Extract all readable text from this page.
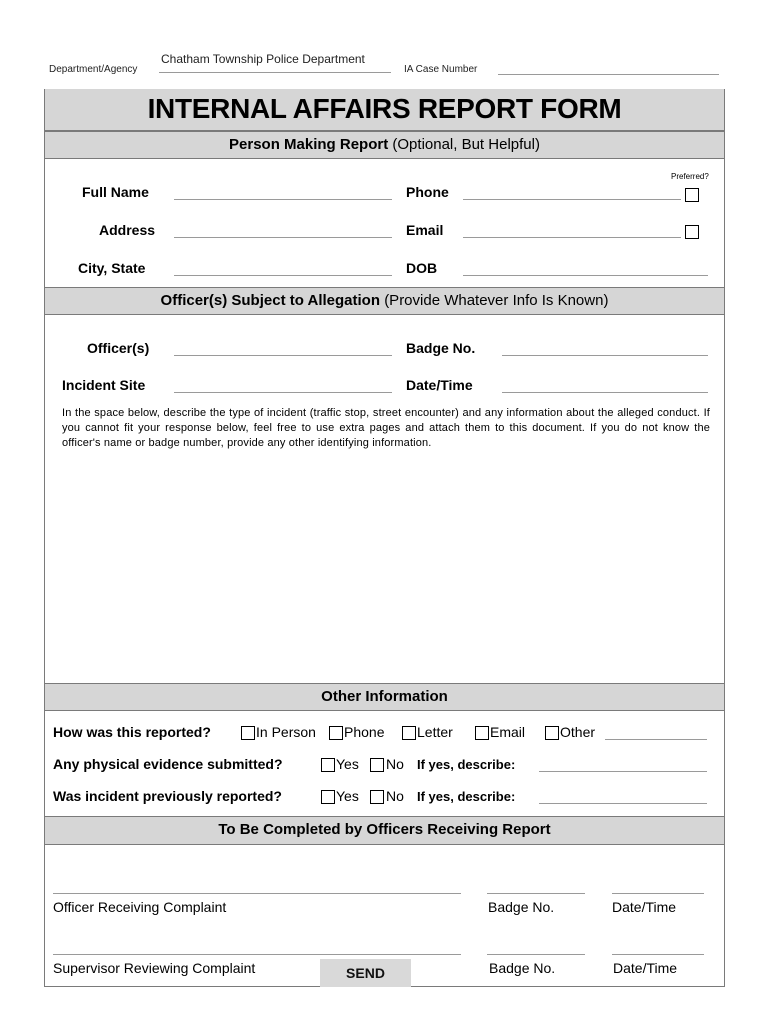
Department/Agency
Chatham Township Police Department
IA Case Number
INTERNAL AFFAIRS REPORT FORM
Person Making Report (Optional, But Helpful)
Preferred?
Full Name	Phone
Address	Email
City, State	DOB
Officer(s) Subject to Allegation (Provide Whatever Info Is Known)
Officer(s)	Badge No.
Incident Site	Date/Time
In the space below, describe the type of incident (traffic stop, street encounter) and any information about the alleged conduct. If you cannot fit your response below, feel free to use extra pages and attach them to this document. If you do not know the officer's name or badge number, provide any other identifying information.
Other Information
How was this reported?	In Person Phone Letter	Email Other
Any physical evidence submitted?	Yes No If yes, describe:
Was incident previously reported?	Yes No If yes, describe:
To Be Completed by Officers Receiving Report
Officer Receiving Complaint	Badge No.	Date/Time
Supervisor Reviewing Complaint	SEND	Badge No.	Date/Time
